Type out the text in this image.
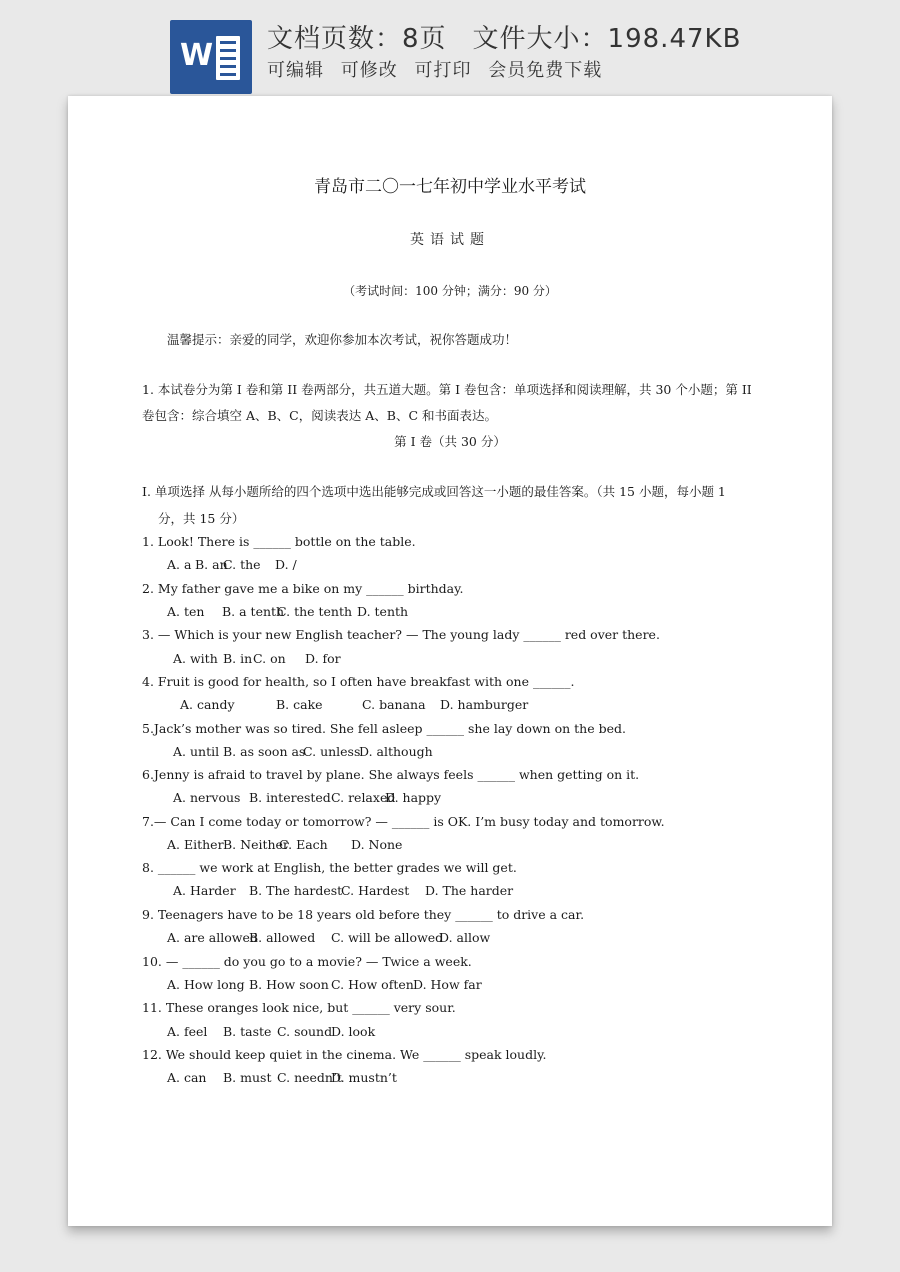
W 文档页数：8页 文件大小：198.47KB
可编辑 可修改 可打印 会员免费下载
青岛市二〇一七年初中学业水平考试
英语试题
（考试时间：100 分钟；满分：90 分）
温馨提示：亲爱的同学，欢迎你参加本次考试，祝你答题成功！
1. 本试卷分为第 I 卷和第 II 卷两部分，共五道大题。第 I 卷包含：单项选择和阅读理解，共 30 个小题；第 II
卷包含：综合填空 A、B、C，阅读表达 A、B、C 和书面表达。
第 I 卷（共 30 分）
I. 单项选择 从每小题所给的四个选项中选出能够完成或回答这一小题的最佳答案。（共 15 小题，每小题 1
分，共 15 分）
1. Look! There is ______ bottle on the table.
A. a B. anC. the D. /
2. My father gave me a bike on my ______ birthday.
A. ten B. a tenthC. the tenth D. tenth
3. — Which is your new English teacher? — The young lady ______ red over there.
A. with B. inC. on D. for
4. Fruit is good for health, so I often have breakfast with one ______.
A. candy	B. cake	C. banana D. hamburger
5.Jack’s mother was so tired. She fell asleep ______ she lay down on the bed.
A. until B. as soon asC. unlessD. although
6.Jenny is afraid to travel by plane. She always feels ______ when getting on it.
A. nervous B. interestedC. relaxedD. happy
7.— Can I come today or tomorrow? — ______ is OK. I’m busy today and tomorrow.
A. EitherB. NeitherC. Each D. None
8. ______ we work at English, the better grades we will get.
A. Harder B. The hardestC. Hardest D. The harder
9. Teenagers have to be 18 years old before they ______ to drive a car.
A. are allowedB. allowed C. will be allowedD. allow
10. — ______ do you go to a movie? — Twice a week.
A. How long B. How soon C. How oftenD. How far
11. These oranges look nice, but ______ very sour.
A. feel B. taste C. soundD. look
12. We should keep quiet in the cinema. We ______ speak loudly.
A. can B. must C. needn’tD. mustn’t
